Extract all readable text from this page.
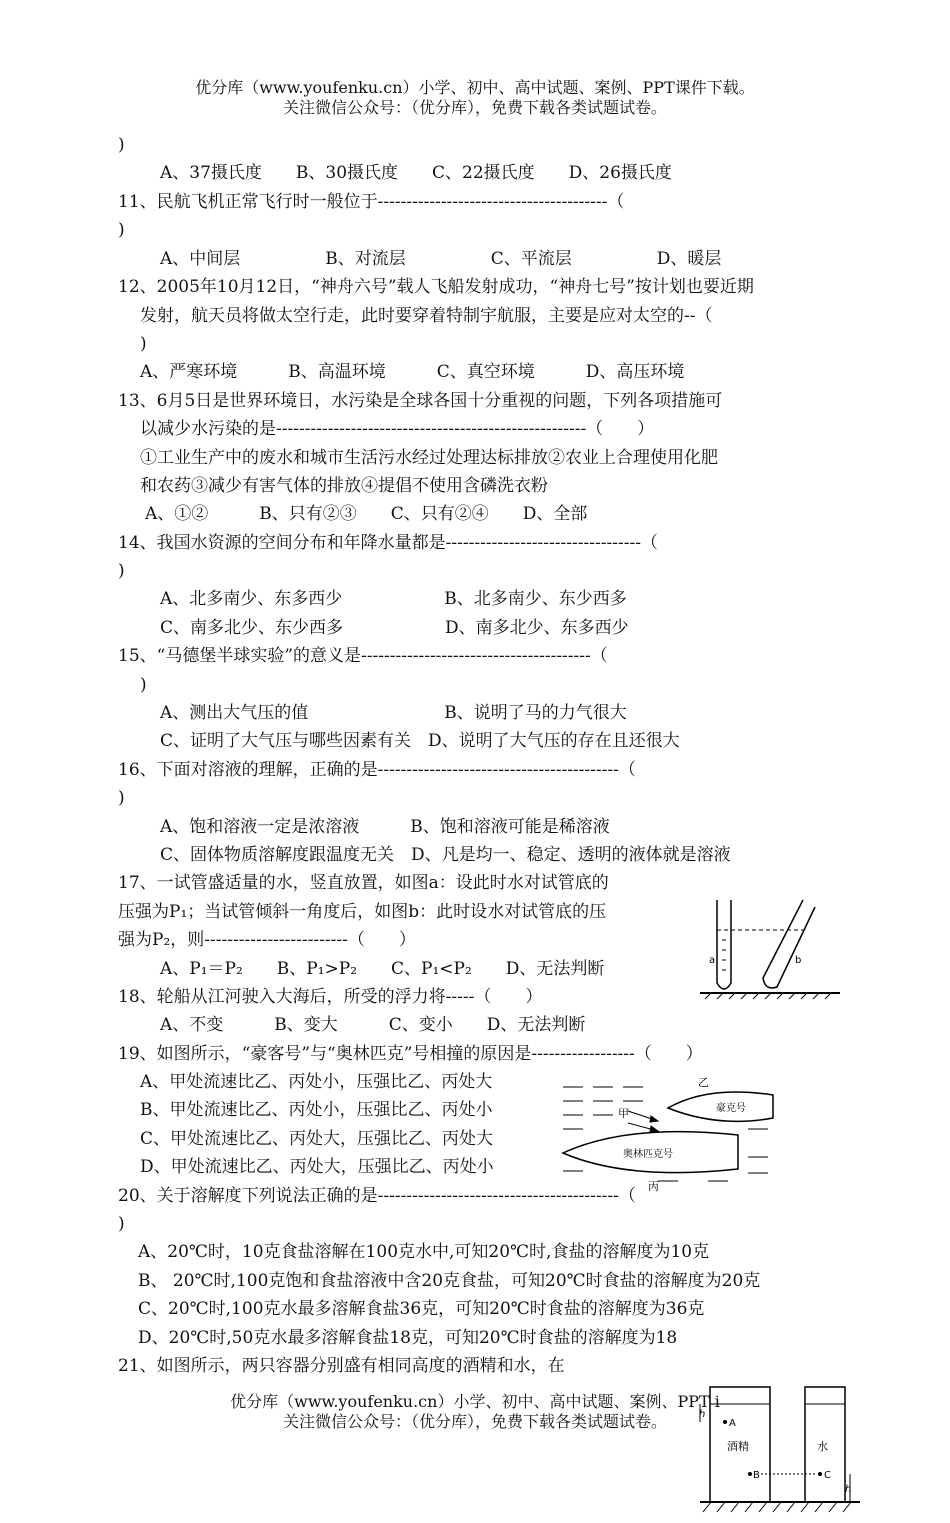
优分库（www.youfenku.cn）小学、初中、高中试题、案例、PPT课件下载。
关注微信公众号：（优分库），免费下载各类试题试卷。
)
A、37摄氏度　　B、30摄氏度　　C、22摄氏度　　D、26摄氏度
11、民航飞机正常飞行时一般位于----------------------------------------（
)
A、中间层　　　　　B、对流层　　　　　C、平流层　　　　　D、暖层
12、2005年10月12日，“神舟六号”载人飞船发射成功，“神舟七号”按计划也要近期
发射，航天员将做太空行走，此时要穿着特制宇航服，主要是应对太空的--（
)
A、严寒环境　　　B、高温环境　　　C、真空环境　　　D、高压环境
13、6月5日是世界环境日，水污染是全球各国十分重视的问题，下列各项措施可
以减少水污染的是------------------------------------------------------（　　）
①工业生产中的废水和城市生活污水经过处理达标排放②农业上合理使用化肥
和农药③减少有害气体的排放④提倡不使用含磷洗衣粉
A、①②　　　B、只有②③　　C、只有②④　　D、全部
14、我国水资源的空间分布和年降水量都是----------------------------------（
)
A、北多南少、东多西少　　　　　　B、北多南少、东少西多
C、南多北少、东少西多　　　　　　D、南多北少、东多西少
15、“马德堡半球实验”的意义是----------------------------------------（
)
A、测出大气压的值　　　　　　　　B、说明了马的力气很大
C、证明了大气压与哪些因素有关　D、说明了大气压的存在且还很大
16、下面对溶液的理解，正确的是------------------------------------------（
)
A、饱和溶液一定是浓溶液　　　B、饱和溶液可能是稀溶液
C、固体物质溶解度跟温度无关　D、凡是均一、稳定、透明的液体就是溶液
17、一试管盛适量的水，竖直放置，如图a：设此时水对试管底的
压强为P₁；当试管倾斜一角度后，如图b：此时设水对试管底的压
强为P₂，则-------------------------（　　）
A、P₁＝P₂　　B、P₁>P₂　　C、P₁<P₂　　D、无法判断
18、轮船从江河驶入大海后，所受的浮力将-----（　　）
A、不变　　　B、变大　　　C、变小　　D、无法判断
19、如图所示，“豪客号”与“奥林匹克”号相撞的原因是------------------（　　）
A、甲处流速比乙、丙处小，压强比乙、丙处大
B、甲处流速比乙、丙处小，压强比乙、丙处小
C、甲处流速比乙、丙处大，压强比乙、丙处大
D、甲处流速比乙、丙处大，压强比乙、丙处小
20、关于溶解度下列说法正确的是------------------------------------------（
)
A、20℃时，10克食盐溶解在100克水中,可知20℃时,食盐的溶解度为10克
B、 20℃时,100克饱和食盐溶液中含20克食盐，可知20℃时食盐的溶解度为20克
C、20℃时,100克水最多溶解食盐36克，可知20℃时食盐的溶解度为36克
D、20℃时,50克水最多溶解食盐18克，可知20℃时食盐的溶解度为18
21、如图所示，两只容器分别盛有相同高度的酒精和水，在
优分库（www.youfenku.cn）小学、初中、高中试题、案例、PPT i
关注微信公众号：（优分库），免费下载各类试题试卷。
a	b
乙
甲
丙
豪克号
奥林匹克号
h
A
酒精	水
B	C
h
